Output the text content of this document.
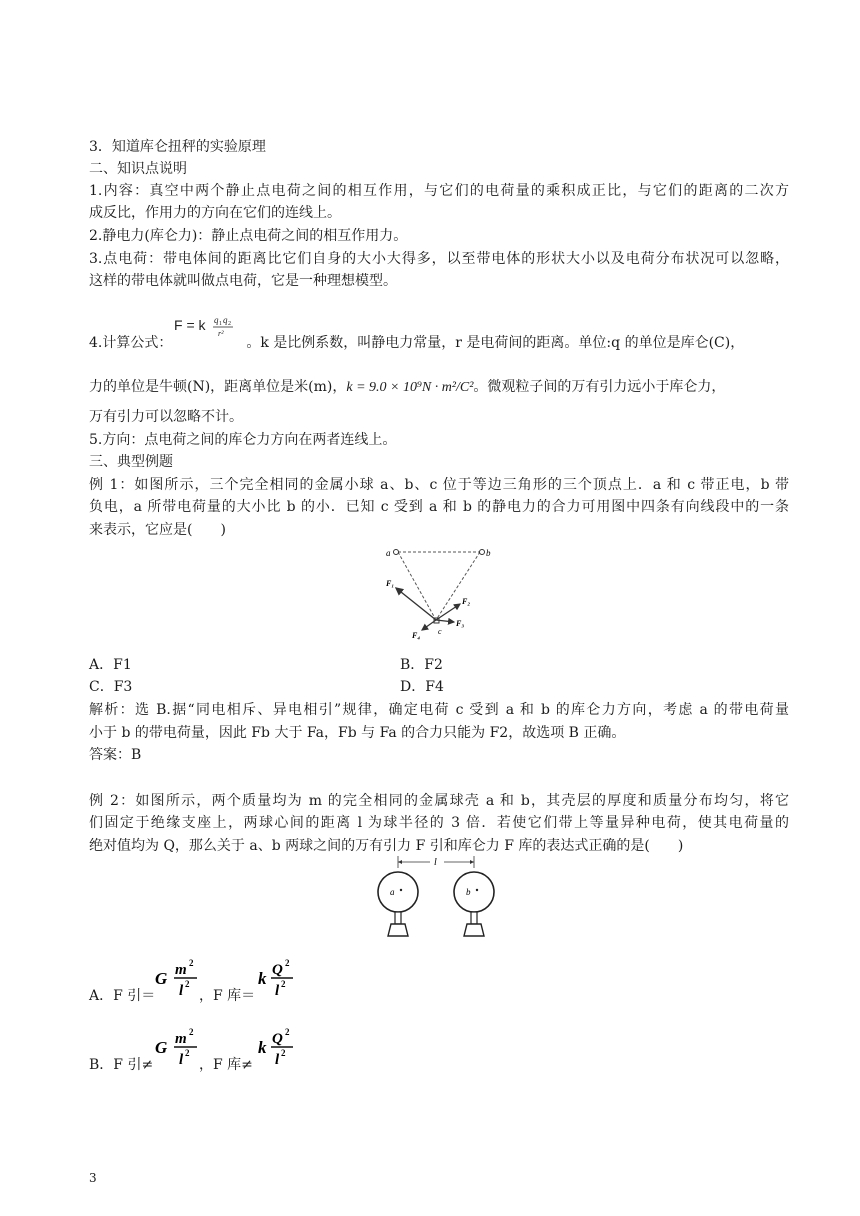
3．知道库仑扭秤的实验原理
二、知识点说明
1.内容：真空中两个静止点电荷之间的相互作用，与它们的电荷量的乘积成正比，与它们的距离的二次方
成反比，作用力的方向在它们的连线上。
2.静电力(库仑力)：静止点电荷之间的相互作用力。
3.点电荷：带电体间的距离比它们自身的大小大得多，以至带电体的形状大小以及电荷分布状况可以忽略，
这样的带电体就叫做点电荷，它是一种理想模型。
4.计算公式：
F = k q 1 q 2
r²
。k 是比例系数，叫静电力常量，r 是电荷间的距离。单位:q 的单位是库仑(C)，
力的单位是牛顿(N)，距离单位是米(m)，k = 9.0 × 10⁹N · m²/C²。微观粒子间的万有引力远小于库仑力，
万有引力可以忽略不计。
5.方向：点电荷之间的库仑力方向在两者连线上。
三、典型例题
例 1：如图所示，三个完全相同的金属小球 a、b、c 位于等边三角形的三个顶点上．a 和 c 带正电，b 带
负电，a 所带电荷量的大小比 b 的小．已知 c 受到 a 和 b 的静电力的合力可用图中四条有向线段中的一条
来表示，它应是(　　)
a	b
c
F₁
F₂
F₃
F₄
A．F1	B．F2
C．F3	D．F4
解析：选 B.据“同电相斥、异电相引”规律，确定电荷 c 受到 a 和 b 的库仑力方向，考虑 a 的带电荷量
小于 b 的带电荷量，因此 Fb 大于 Fa，Fb 与 Fa 的合力只能为 F2，故选项 B 正确。
答案：B
例 2：如图所示，两个质量均为 m 的完全相同的金属球壳 a 和 b，其壳层的厚度和质量分布均匀，将它
们固定于绝缘支座上，两球心间的距离 l 为球半径的 3 倍．若使它们带上等量异种电荷，使其电荷量的
绝对值均为 Q，那么关于 a、b 两球之间的万有引力 F 引和库仑力 F 库的表达式正确的是(　　)
l
a	b
A．F 引＝
G m 2
l 2
，F 库＝
k Q 2
l 2
B．F 引≠
G m 2
l 2
，F 库≠
k Q 2
l 2
3
